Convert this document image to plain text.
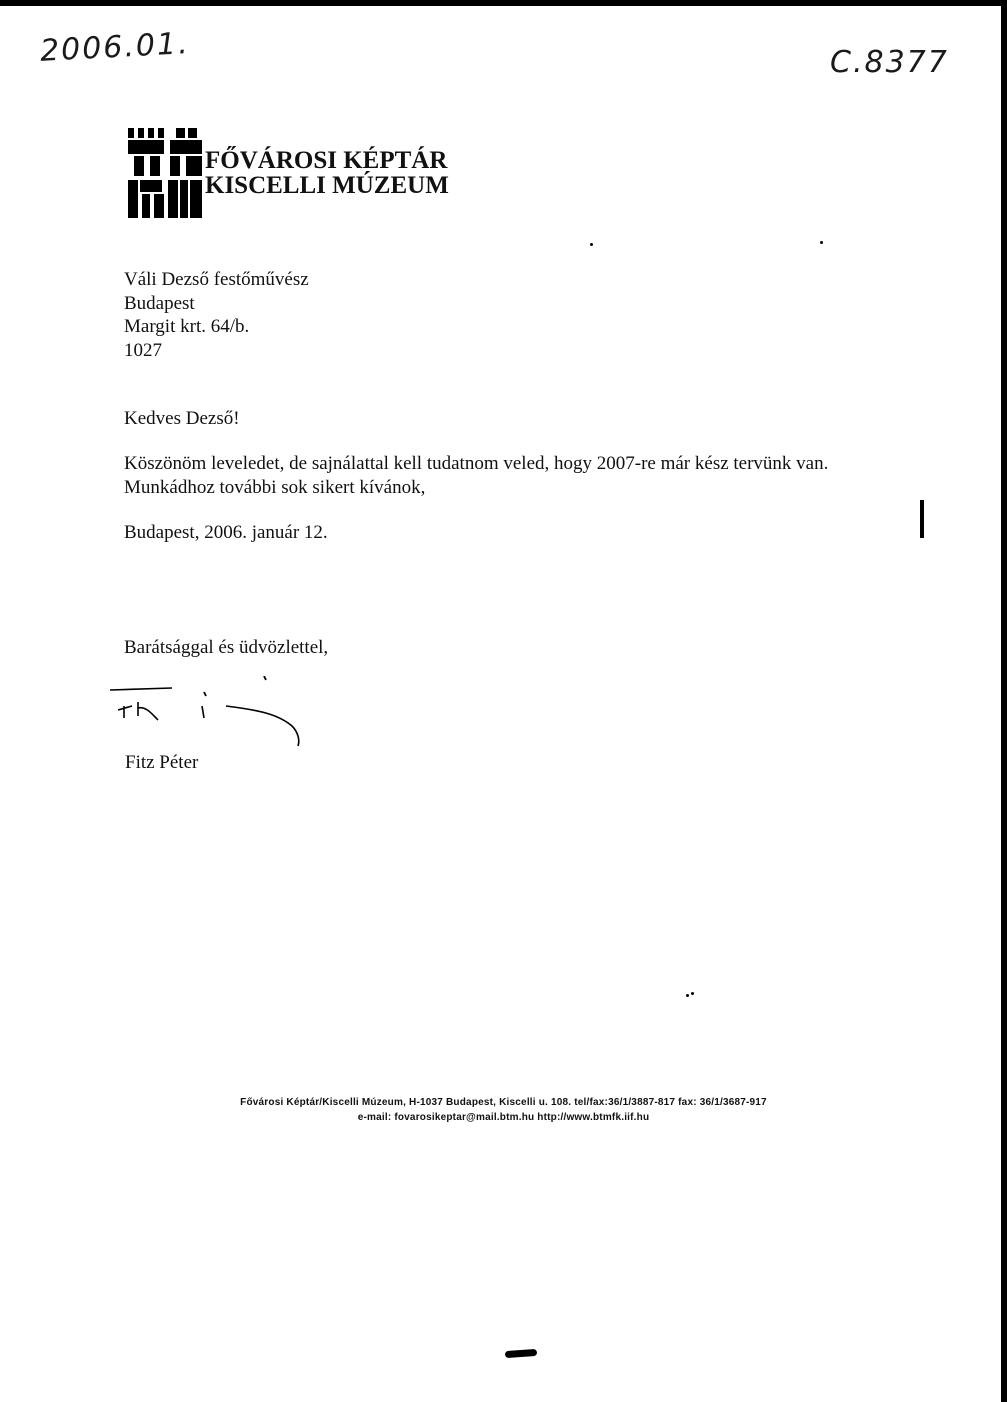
2006.01.	C.8377
FŐVÁROSI KÉPTÁR
KISCELLI MÚZEUM
Váli Dezső festőművész
Budapest
Margit krt. 64/b.
1027
Kedves Dezső!
Köszönöm leveledet, de sajnálattal kell tudatnom veled, hogy 2007-re már kész tervünk van.
Munkádhoz további sok sikert kívánok,
Budapest, 2006. január 12.
Barátsággal és üdvözlettel,
Fitz Péter
Fővárosi Képtár/Kiscelli Múzeum, H-1037 Budapest, Kiscelli u. 108. tel/fax:36/1/3887-817 fax: 36/1/3687-917
e-mail: fovarosikeptar@mail.btm.hu http://www.btmfk.iif.hu
